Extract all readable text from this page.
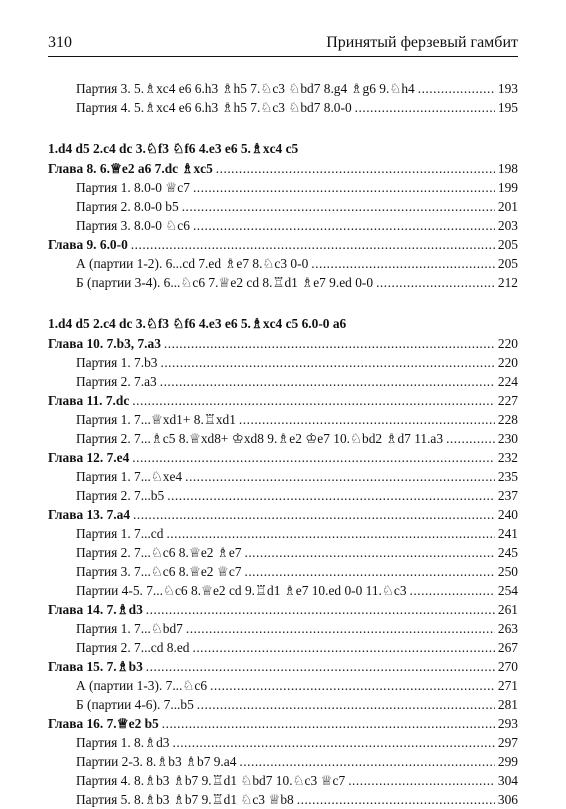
310	Принятый ферзевый гамбит
Партия 3. 5.♗xc4 e6 6.h3 ♗h5 7.♘c3 ♘bd7 8.g4 ♗g6 9.♘h4 .....	193
Партия 4. 5.♗xc4 e6 6.h3 ♗h5 7.♘c3 ♘bd7 8.0-0 .....	195
1.d4 d5 2.c4 dc 3.♘f3 ♘f6 4.e3 e6 5.♗xc4 c5
Глава 8. 6.♕e2 a6 7.dc ♗xc5 .....	198
Партия 1. 8.0-0 ♕c7 .....	199
Партия 2. 8.0-0 b5 .....	201
Партия 3. 8.0-0 ♘c6 .....	203
Глава 9. 6.0-0 .....	205
А (партии 1-2). 6...cd 7.ed ♗e7 8.♘c3 0-0 .....	205
Б (партии 3-4). 6...♘c6 7.♕e2 cd 8.♖d1 ♗e7 9.ed 0-0 .....	212
1.d4 d5 2.c4 dc 3.♘f3 ♘f6 4.e3 e6 5.♗xc4 c5 6.0-0 a6
Глава 10. 7.b3, 7.a3 .....	220
Партия 1. 7.b3 .....	220
Партия 2. 7.a3 .....	224
Глава 11. 7.dc .....	227
Партия 1. 7...♕xd1+ 8.♖xd1 .....	228
Партия 2. 7...♗c5 8.♕xd8+ ♔xd8 9.♗e2 ♔e7 10.♘bd2 ♗d7 11.a3 .....	230
Глава 12. 7.e4 .....	232
Партия 1. 7...♘xe4 .....	235
Партия 2. 7...b5 .....	237
Глава 13. 7.a4 .....	240
Партия 1. 7...cd .....	241
Партия 2. 7...♘c6 8.♕e2 ♗e7 .....	245
Партия 3. 7...♘c6 8.♕e2 ♕c7 .....	250
Партии 4-5. 7...♘c6 8.♕e2 cd 9.♖d1 ♗e7 10.ed 0-0 11.♘c3 .....	254
Глава 14. 7.♗d3 .....	261
Партия 1. 7...♘bd7 .....	263
Партия 2. 7...cd 8.ed .....	267
Глава 15. 7.♗b3 .....	270
А (партии 1-3). 7...♘c6 .....	271
Б (партии 4-6). 7...b5 .....	281
Глава 16. 7.♕e2 b5 .....	293
Партия 1. 8.♗d3 .....	297
Партии 2-3. 8.♗b3 ♗b7 9.a4 .....	299
Партия 4. 8.♗b3 ♗b7 9.♖d1 ♘bd7 10.♘c3 ♕c7 .....	304
Партия 5. 8.♗b3 ♗b7 9.♖d1 ♘c3 ♕b8 .....	306
